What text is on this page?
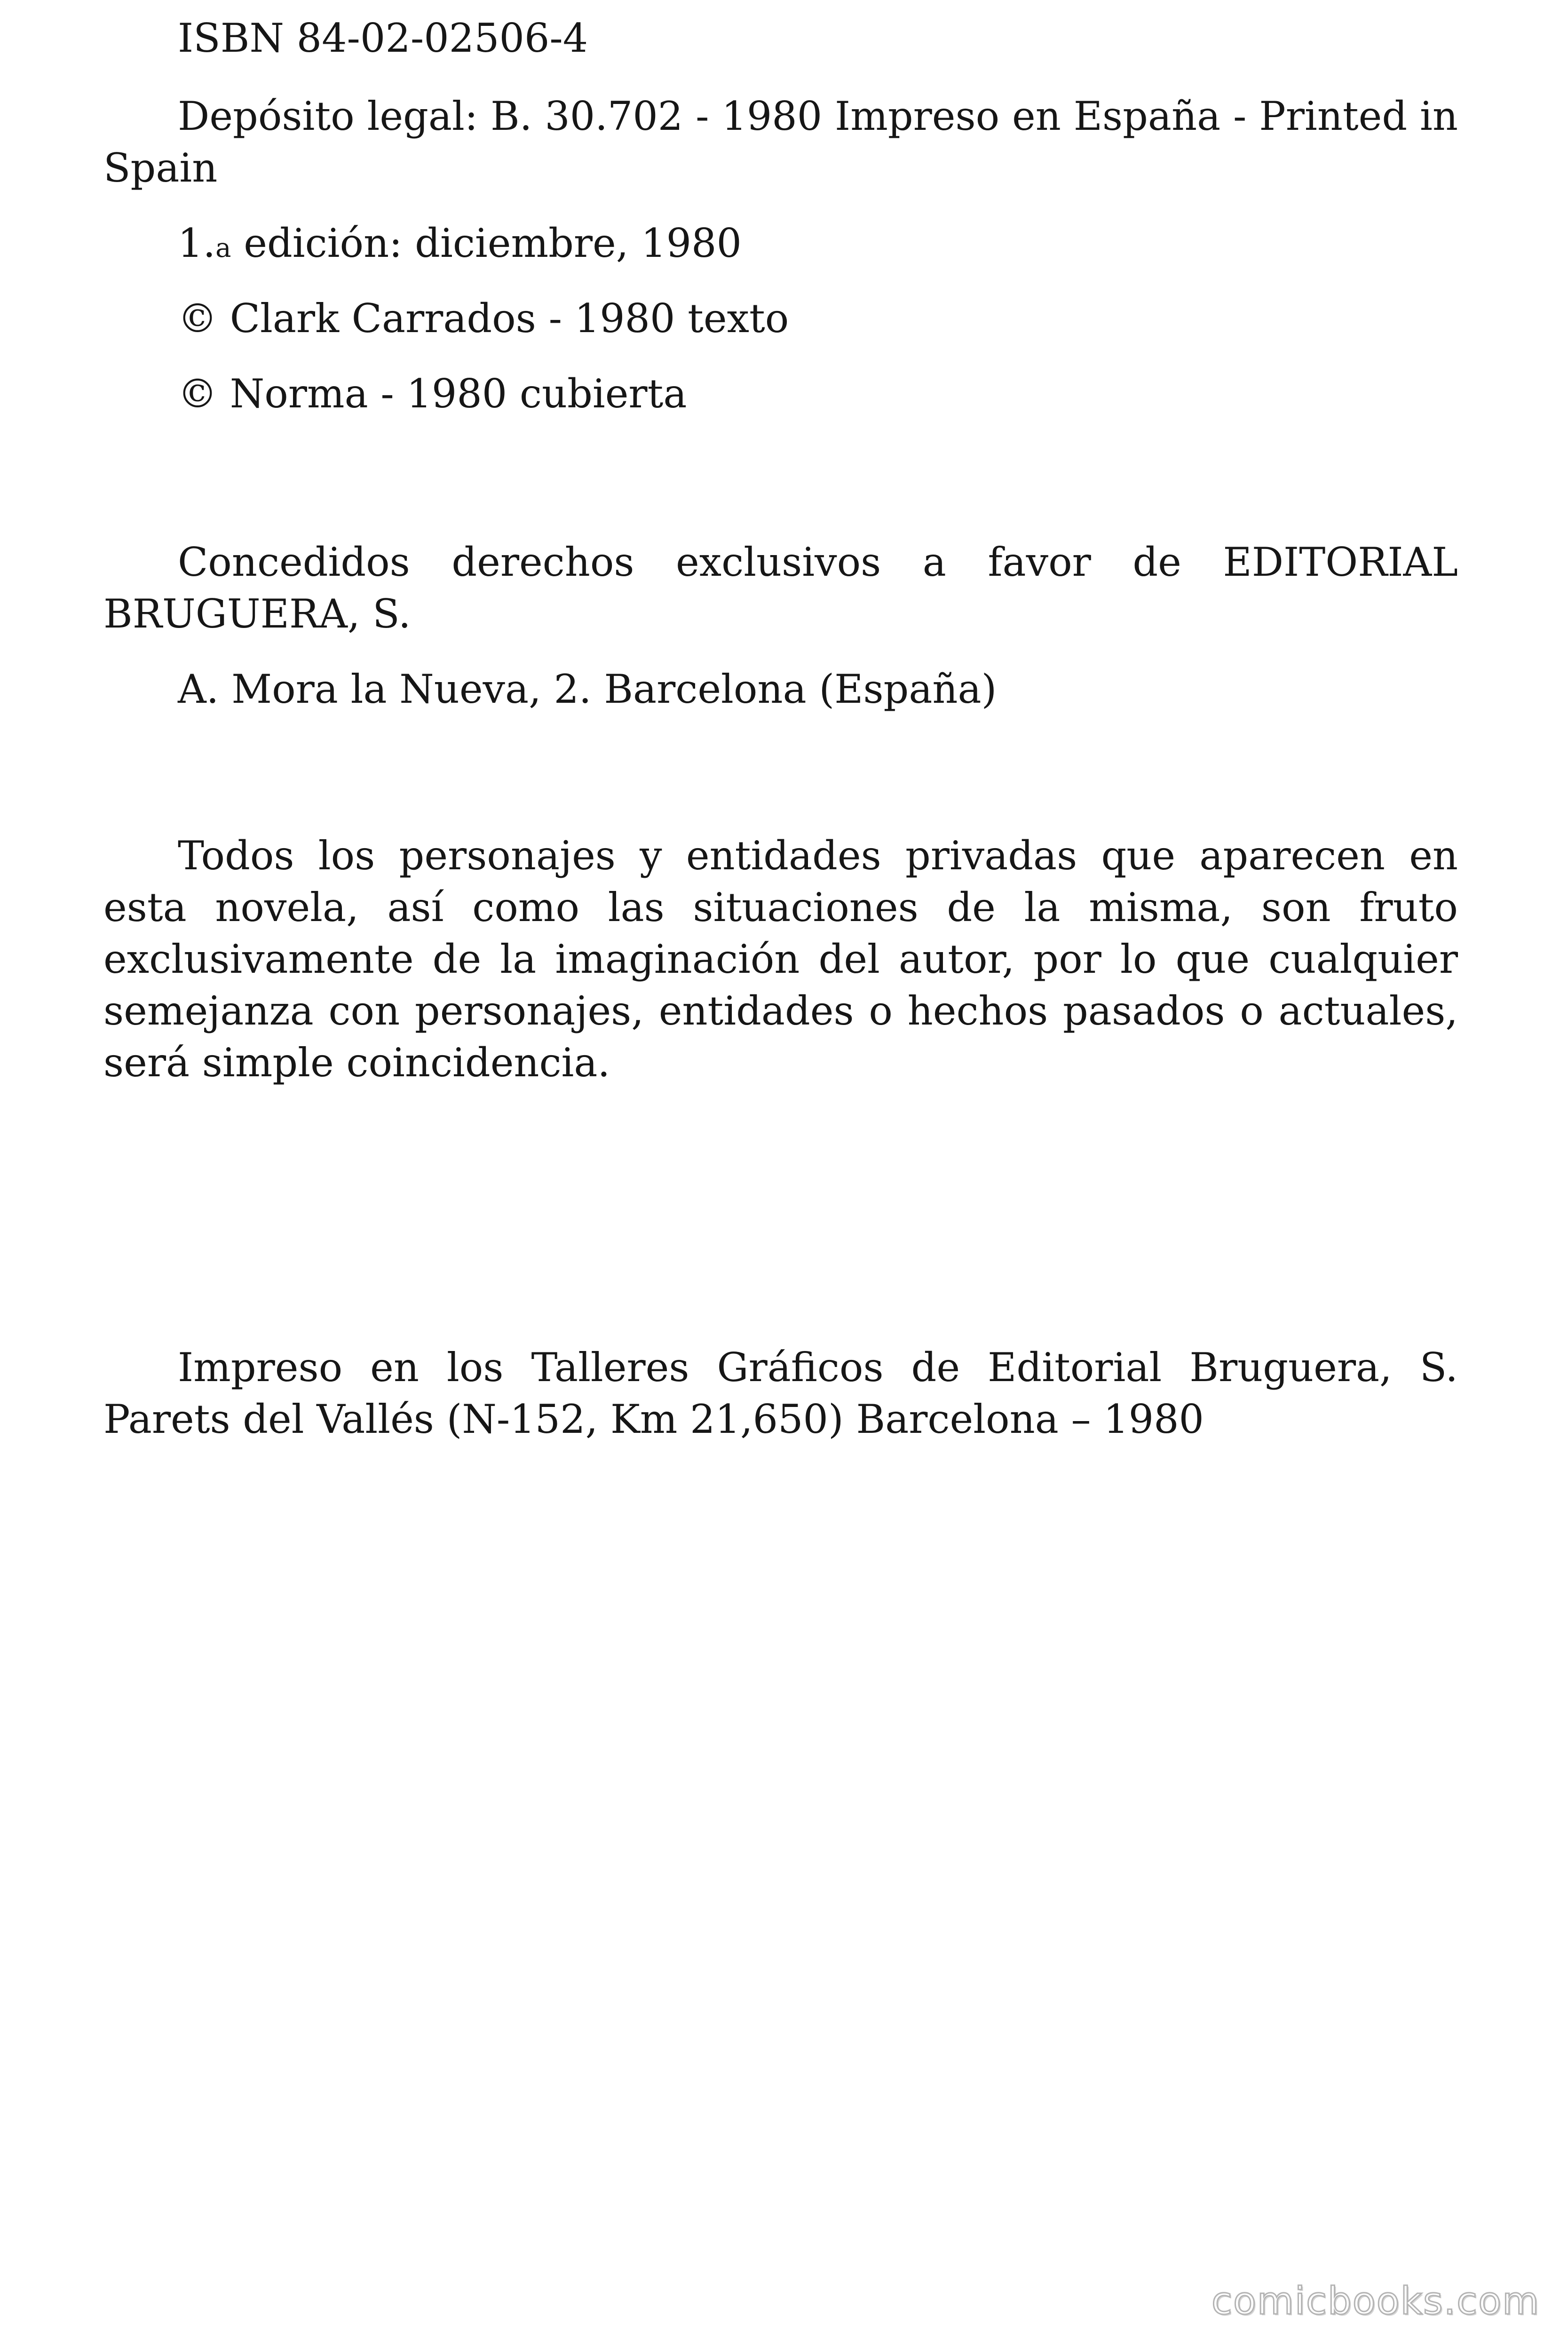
ISBN 84-02-02506-4

Depósito legal: B. 30.702 - 1980 Impreso en España - Printed in Spain

1.a edición: diciembre, 1980

© Clark Carrados - 1980 texto

© Norma - 1980 cubierta

Concedidos derechos exclusivos a favor de EDITORIAL BRUGUERA, S.

A. Mora la Nueva, 2. Barcelona (España)

Todos los personajes y entidades privadas que aparecen en esta novela, así como las situaciones de la misma, son fruto exclusivamente de la imaginación del autor, por lo que cualquier semejanza con personajes, entidades o hechos pasados o actuales, será simple coincidencia.

Impreso en los Talleres Gráficos de Editorial Bruguera, S. Parets del Vallés (N-152, Km 21,650) Barcelona – 1980

comicbooks.com
